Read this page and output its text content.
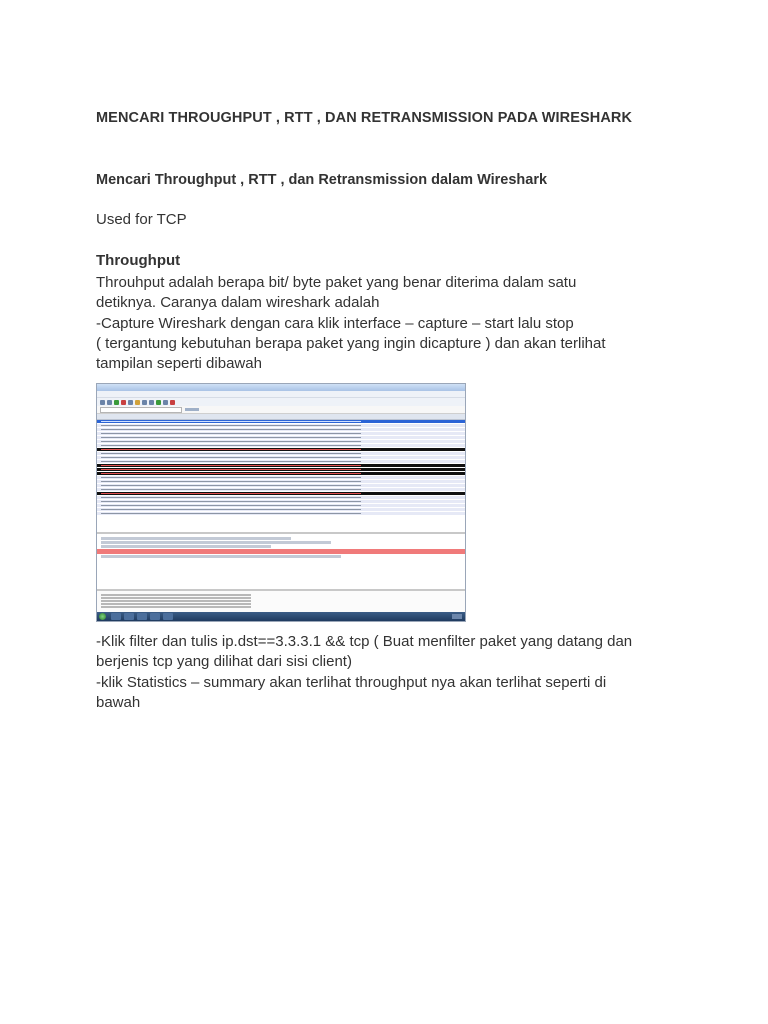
MENCARI THROUGHPUT , RTT , DAN RETRANSMISSION PADA WIRESHARK
Mencari Throughput , RTT , dan Retransmission dalam Wireshark
Used for TCP
Throughput
Throuhput adalah berapa bit/ byte paket yang benar diterima dalam satu
detiknya. Caranya dalam wireshark adalah
-Capture Wireshark dengan cara klik interface – capture – start lalu stop
( tergantung kebutuhan berapa paket yang ingin dicapture ) dan akan terlihat
tampilan seperti dibawah
-Klik filter dan tulis ip.dst==3.3.3.1 && tcp ( Buat menfilter paket yang datang dan
berjenis tcp yang dilihat dari sisi client)
-klik Statistics – summary akan terlihat throughput nya akan terlihat seperti di
bawah
